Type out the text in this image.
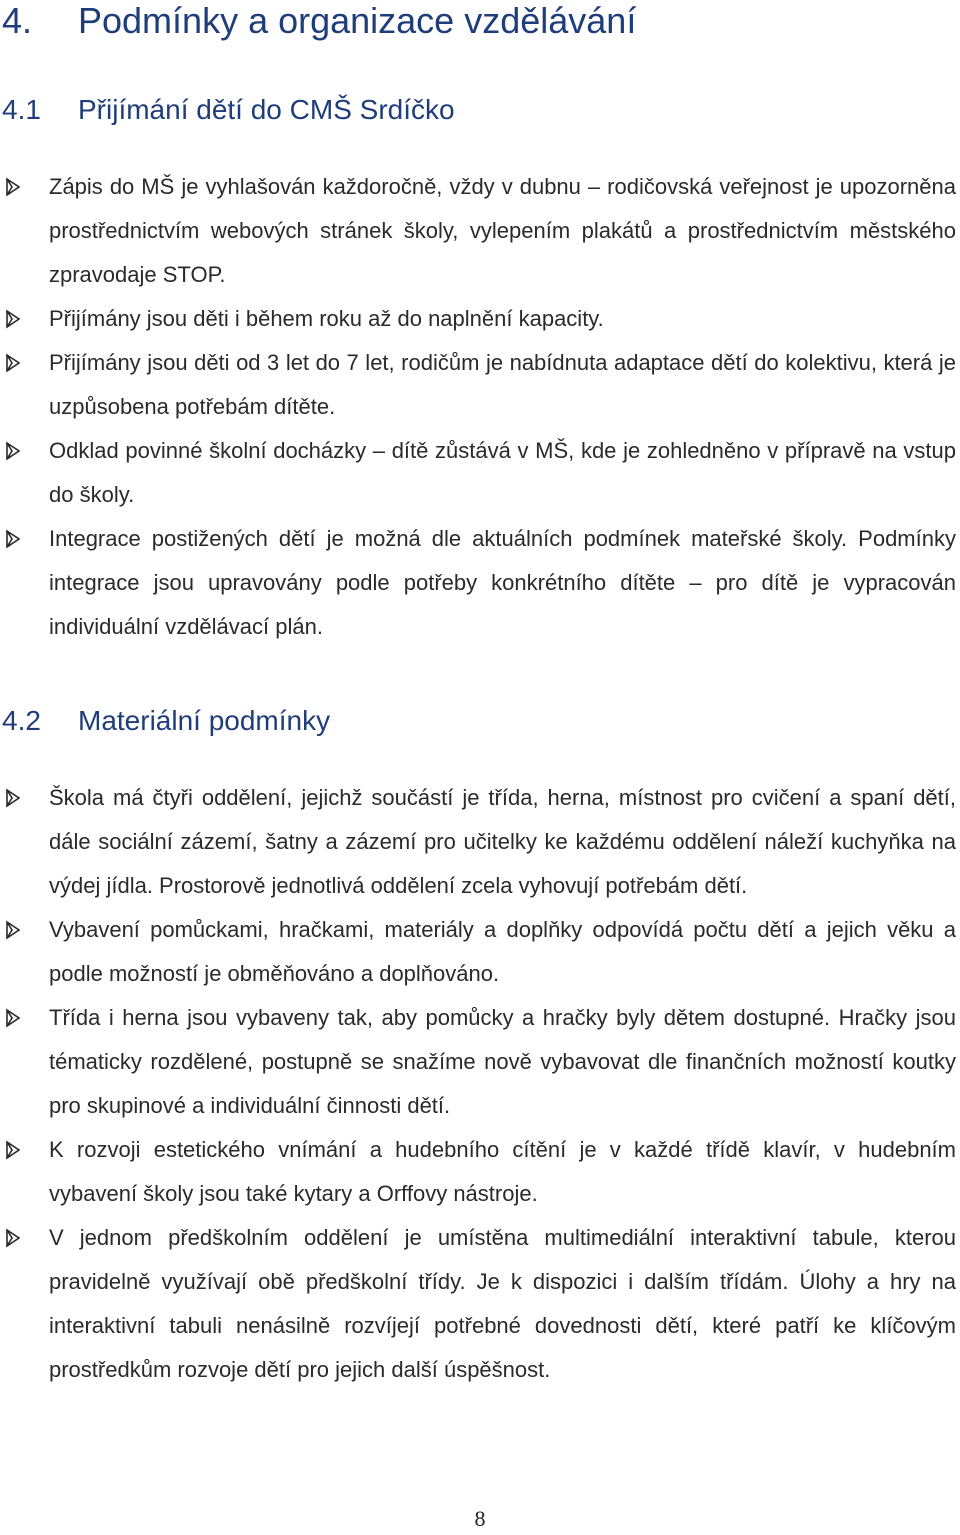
4. Podmínky a organizace vzdělávání
4.1 Přijímání dětí do CMŠ Srdíčko
Zápis do MŠ je vyhlašován každoročně, vždy v dubnu – rodičovská veřejnost je upozorněna prostřednictvím webových stránek školy, vylepením plakátů a prostřednictvím městského zpravodaje STOP.
Přijímány jsou děti i během roku až do naplnění kapacity.
Přijímány jsou děti od 3 let do 7 let, rodičům je nabídnuta adaptace dětí do kolektivu, která je uzpůsobena potřebám dítěte.
Odklad povinné školní docházky – dítě zůstává v MŠ, kde je zohledněno v přípravě na vstup do školy.
Integrace postižených dětí je možná dle aktuálních podmínek mateřské školy. Podmínky integrace jsou upravovány podle potřeby konkrétního dítěte – pro dítě je vypracován individuální vzdělávací plán.
4.2 Materiální podmínky
Škola má čtyři oddělení, jejichž součástí je třída, herna, místnost pro cvičení a spaní dětí, dále sociální zázemí, šatny a zázemí pro učitelky ke každému oddělení náleží kuchyňka na výdej jídla. Prostorově jednotlivá oddělení zcela vyhovují potřebám dětí.
Vybavení pomůckami, hračkami, materiály a doplňky odpovídá počtu dětí a jejich věku a podle možností je obměňováno a doplňováno.
Třída i herna jsou vybaveny tak, aby pomůcky a hračky byly dětem dostupné. Hračky jsou tématicky rozdělené, postupně se snažíme nově vybavovat dle finančních možností koutky pro skupinové a individuální činnosti dětí.
K rozvoji estetického vnímání a hudebního cítění je v každé třídě klavír, v hudebním vybavení školy jsou také kytary a Orffovy nástroje.
V jednom předškolním oddělení je umístěna multimediální interaktivní tabule, kterou pravidelně využívají obě předškolní třídy. Je k dispozici i dalším třídám. Úlohy a hry na interaktivní tabuli nenásilně rozvíjejí potřebné dovednosti dětí, které patří ke klíčovým prostředkům rozvoje dětí pro jejich další úspěšnost.
8
